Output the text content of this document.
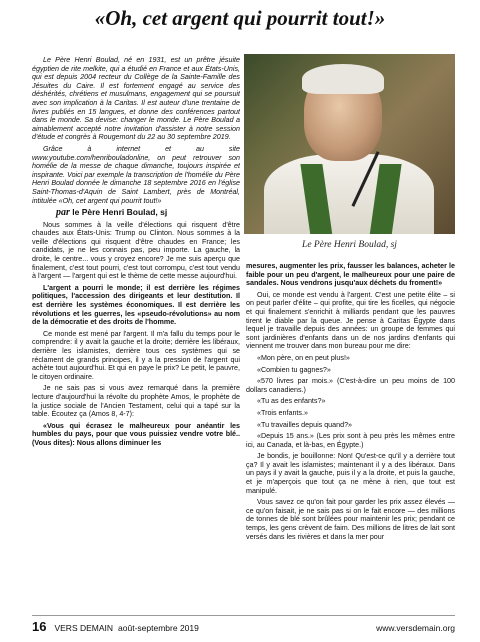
«Oh, cet argent qui pourrit tout!»

Le Père Henri Boulad, né en 1931, est un prêtre jésuite égyptien de rite melkite, qui a étudié en France et aux États-Unis, qui est depuis 2004 recteur du Collège de la Sainte-Famille des Jésuites du Caire. Il est fortement engagé au service des déshérités, chrétiens et musulmans, engagement qui se poursuit avec son implication à la Caritas. Il est auteur d'une trentaine de livres publiés en 15 langues, et donne des conférences partout dans le monde. Sa devise: changer le monde. Le Père Boulad a aimablement accepté notre invitation d'assister à notre session d'étude et congrès à Rougemont du 22 au 30 septembre 2019.

Grâce à internet et au site www.youtube.com/henribouladonline, on peut retrouver son homélie de la messe de chaque dimanche, toujours inspirée et inspirante. Voici par exemple la transcription de l'homélie du Père Henri Boulad donnée le dimanche 18 septembre 2016 en l'église Saint-Thomas-d'Aquin de Saint Lambert, près de Montréal, intitulée «Oh, cet argent qui pourrit tout!»

par le Père Henri Boulad, sj

Nous sommes à la veille d'élections qui risquent d'être chaudes aux États-Unis: Trump ou Clinton. Nous sommes à la veille d'élections qui risquent d'être chaudes en France; les candidats, je ne les connais pas, peu importe. La gauche, la droite, le centre... vous y croyez encore? Je me suis aperçu que finalement, c'est tout pourri, c'est tout corrompu, c'est tout vendu à l'argent — l'argent qui est le thème de cette messe aujourd'hui.

L'argent a pourri le monde; il est derrière les régimes politiques, l'accession des dirigeants et leur destitution. Il est derrière les systèmes économiques. Il est derrière les révolutions et les guerres, les «pseudo-révolutions» au nom de la démocratie et des droits de l'homme.

Ce monde est mené par l'argent. Il m'a fallu du temps pour le comprendre: il y avait la gauche et la droite; derrière les libéraux, derrière les islamistes, derrière tous ces systèmes qui se réclament de grands principes, il y a la pression de l'argent qui achète tout aujourd'hui. Et qui en paye le prix? Le petit, le pauvre, le citoyen ordinaire.

Je ne sais pas si vous avez remarqué dans la première lecture d'aujourd'hui la révolte du prophète Amos, le prophète de la justice sociale de l'Ancien Testament, celui qui a tapé sur la table. Écoutez ça (Amos 8, 4-7):

«Vous qui écrasez le malheureux pour anéantir les humbles du pays, pour que vous puissiez vendre votre blé.. (Vous dites): Nous allons diminuer les

Le Père Henri Boulad, sj

mesures, augmenter les prix, fausser les balances, acheter le faible pour un peu d'argent, le malheureux pour une paire de sandales. Nous vendrons jusqu'aux déchets du froment!»

Oui, ce monde est vendu à l'argent. C'est une petite élite – si on peut parler d'élite – qui profite, qui tire les ficelles, qui négocie et qui finalement s'enrichit à milliards pendant que les pauvres tirent le diable par la queue. Je pense à Caritas Égypte dans lequel je travaille depuis des années: un groupe de femmes qui sont jardinières d'enfants dans un de nos jardins d'enfants qui viennent me trouver dans mon bureau pour me dire:

«Mon père, on en peut plus!»

«Combien tu gagnes?»

«570 livres par mois.» (C'est-à-dire un peu moins de 100 dollars canadiens.)

«Tu as des enfants?»

«Trois enfants.»

«Tu travailles depuis quand?»

«Depuis 15 ans.» (Les prix sont à peu près les mêmes entre ici, au Canada, et là-bas, en Égypte.)

Je bondis, je bouillonne: Non! Qu'est-ce qu'il y a derrière tout ça? Il y avait les islamistes; maintenant il y a des libéraux. Dans un pays il y avait la gauche, puis il y a la droite, et puis la gauche, et je m'aperçois que tout ça ne mène à rien, que tout est manipulé.

Vous savez ce qu'on fait pour garder les prix assez élevés — ce qu'on faisait, je ne sais pas si on le fait encore — des millions de tonnes de blé sont brûlées pour maintenir les prix; pendant ce temps, les gens crèvent de faim. Des millions de litres de lait sont versés dans les rivières et dans la mer pour

16 VERS DEMAIN août-septembre 2019	www.versdemain.org
